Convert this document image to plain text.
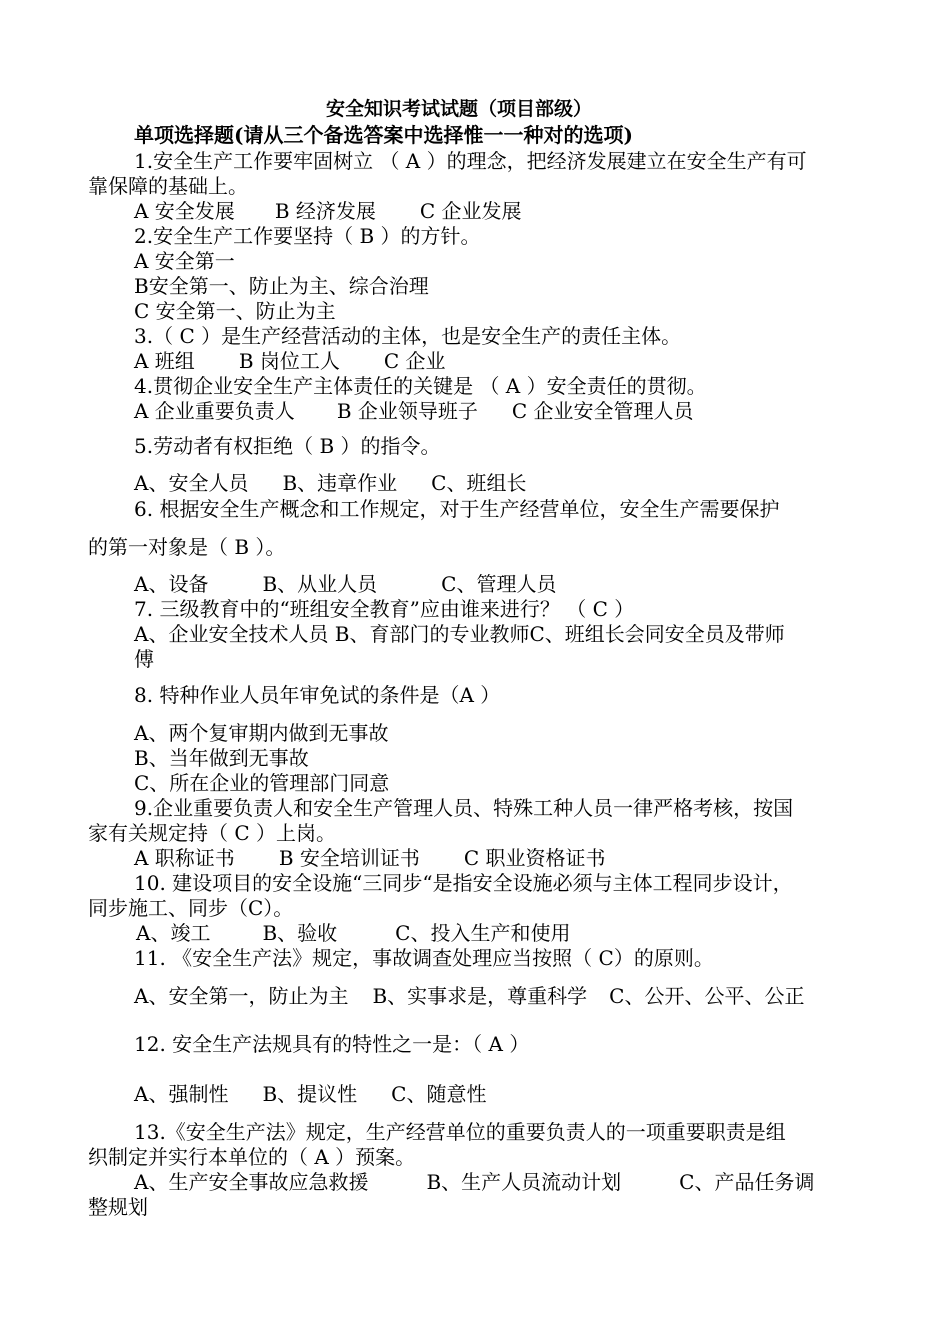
安全知识考试试题（项目部级）
单项选择题(请从三个备选答案中选择惟一一种对的选项)
1.安全生产工作要牢固树立 （ A ）的理念，把经济发展建立在安全生产有可
靠保障的基础上。
A 安全发展 B 经济发展 C 企业发展
2.安全生产工作要坚持（ B ）的方针。
A 安全第一
B安全第一、防止为主、综合治理
C 安全第一、防止为主
3.（ C ）是生产经营活动的主体，也是安全生产的责任主体。
A 班组 B 岗位工人 C 企业
4.贯彻企业安全生产主体责任的关键是 （ A ）安全责任的贯彻。
A 企业重要负责人 B 企业领导班子 C 企业安全管理人员
5.劳动者有权拒绝（ B ）的指令。
A、安全人员 B、违章作业 C、班组长
6. 根据安全生产概念和工作规定，对于生产经营单位，安全生产需要保护
的第一对象是（ B ）。
A、设备	B、从业人员	C、管理人员
7. 三级教育中的“班组安全教育”应由谁来进行？ （ C ）
A、企业安全技术人员 B、育部门的专业教师C、班组长会同安全员及带师
傅
8. 特种作业人员年审免试的条件是（A ）
A、两个复审期内做到无事故
B、当年做到无事故
C、所在企业的管理部门同意
9.企业重要负责人和安全生产管理人员、特殊工种人员一律严格考核，按国
家有关规定持（ C ）上岗。
A 职称证书 B 安全培训证书 C 职业资格证书
10. 建设项目的安全设施“三同步“是指安全设施必须与主体工程同步设计，
同步施工、同步（C）。
A、竣工	B、验收	C、投入生产和使用
11. 《安全生产法》规定，事故调查处理应当按照（ C）的原则。
A、安全第一，防止为主 B、实事求是，尊重科学 C、公开、公平、公正
12. 安全生产法规具有的特性之一是：（ A ）
A、强制性 B、提议性 C、随意性
13.《安全生产法》规定，生产经营单位的重要负责人的一项重要职责是组
织制定并实行本单位的（ A ）预案。
A、生产安全事故应急救援	B、生产人员流动计划	C、产品任务调
整规划
